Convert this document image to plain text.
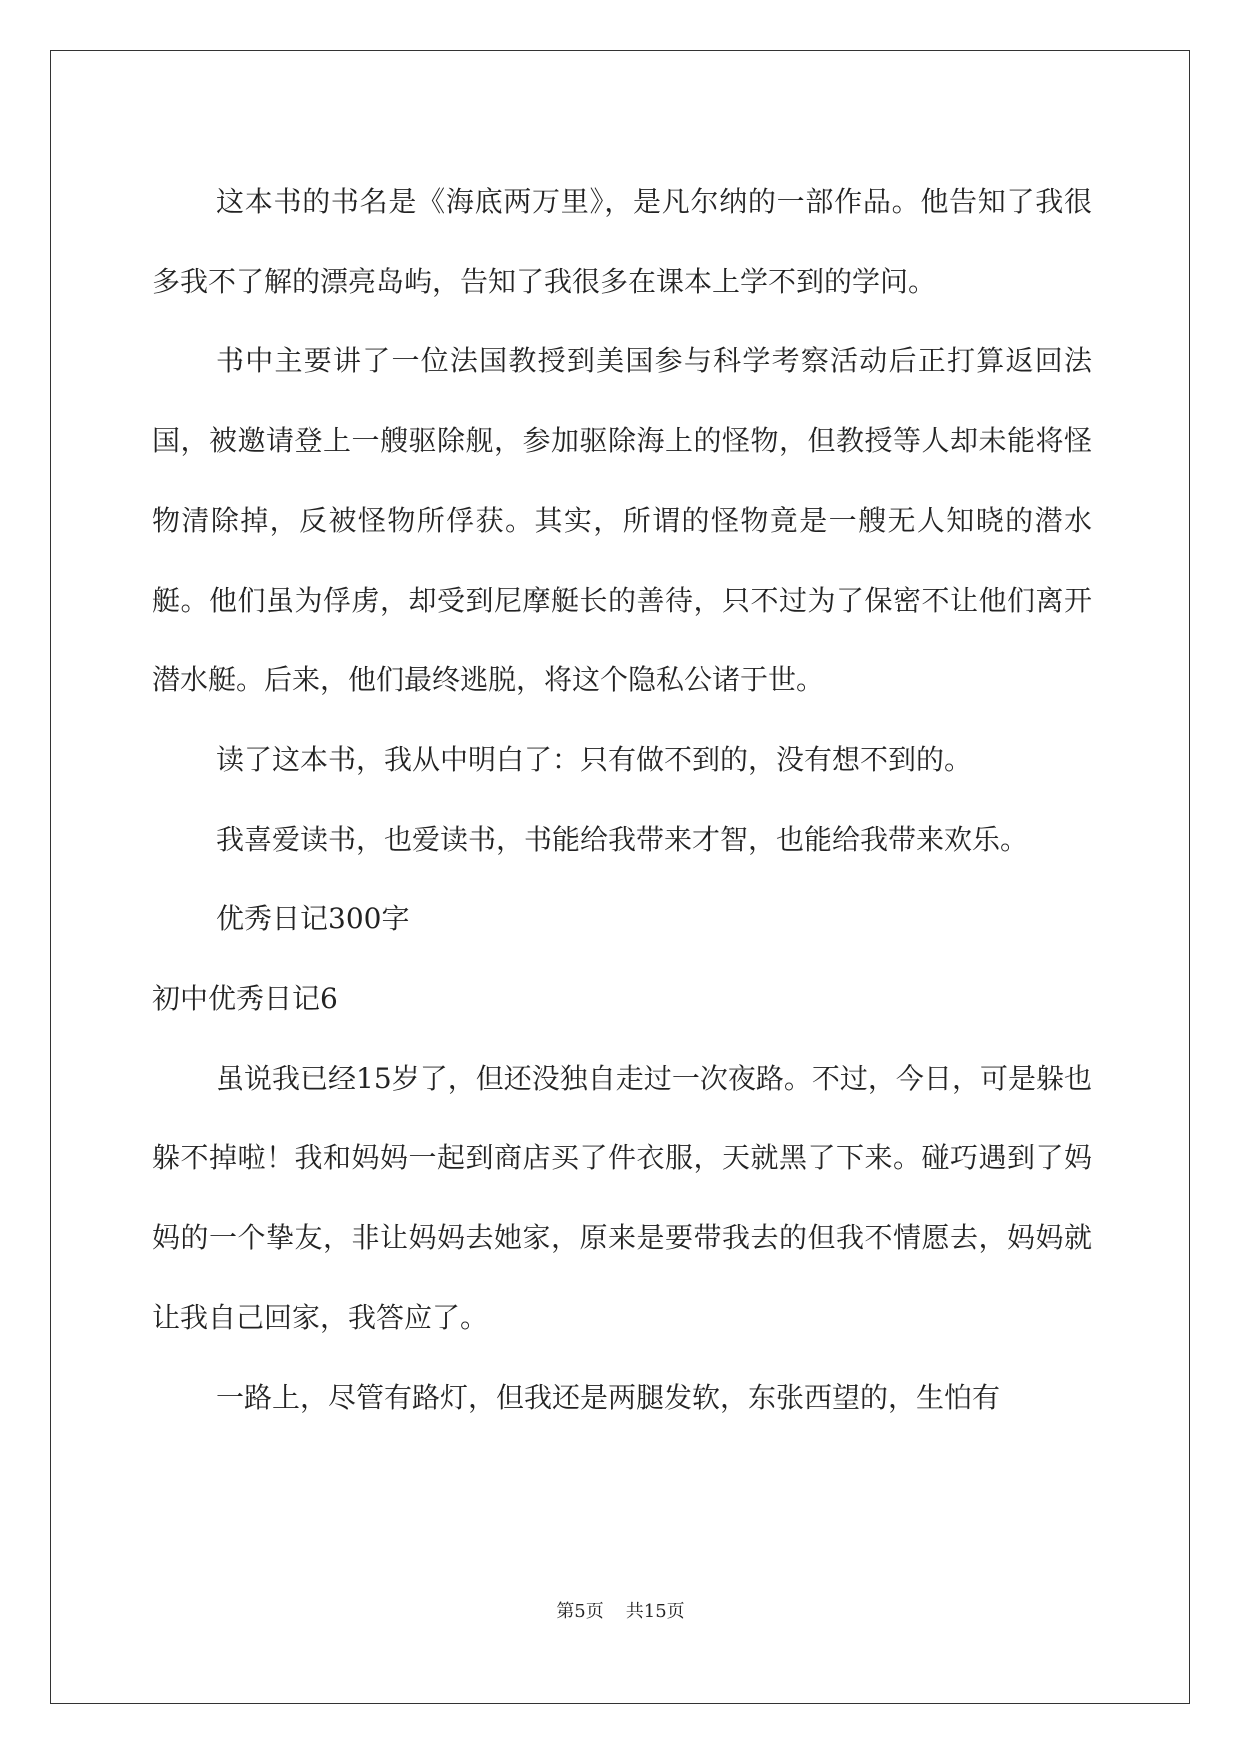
这本书的书名是《海底两万里》，是凡尔纳的一部作品。他告知了我很多我不了解的漂亮岛屿，告知了我很多在课本上学不到的学问。

书中主要讲了一位法国教授到美国参与科学考察活动后正打算返回法国，被邀请登上一艘驱除舰，参加驱除海上的怪物，但教授等人却未能将怪物清除掉，反被怪物所俘获。其实，所谓的怪物竟是一艘无人知晓的潜水艇。他们虽为俘虏，却受到尼摩艇长的善待，只不过为了保密不让他们离开潜水艇。后来，他们最终逃脱，将这个隐私公诸于世。

读了这本书，我从中明白了：只有做不到的，没有想不到的。

我喜爱读书，也爱读书，书能给我带来才智，也能给我带来欢乐。

优秀日记300字

初中优秀日记6

虽说我已经15岁了，但还没独自走过一次夜路。不过，今日，可是躲也躲不掉啦！我和妈妈一起到商店买了件衣服，天就黑了下来。碰巧遇到了妈妈的一个挚友，非让妈妈去她家，原来是要带我去的但我不情愿去，妈妈就让我自己回家，我答应了。

一路上，尽管有路灯，但我还是两腿发软，东张西望的，生怕有

第5页 共15页
